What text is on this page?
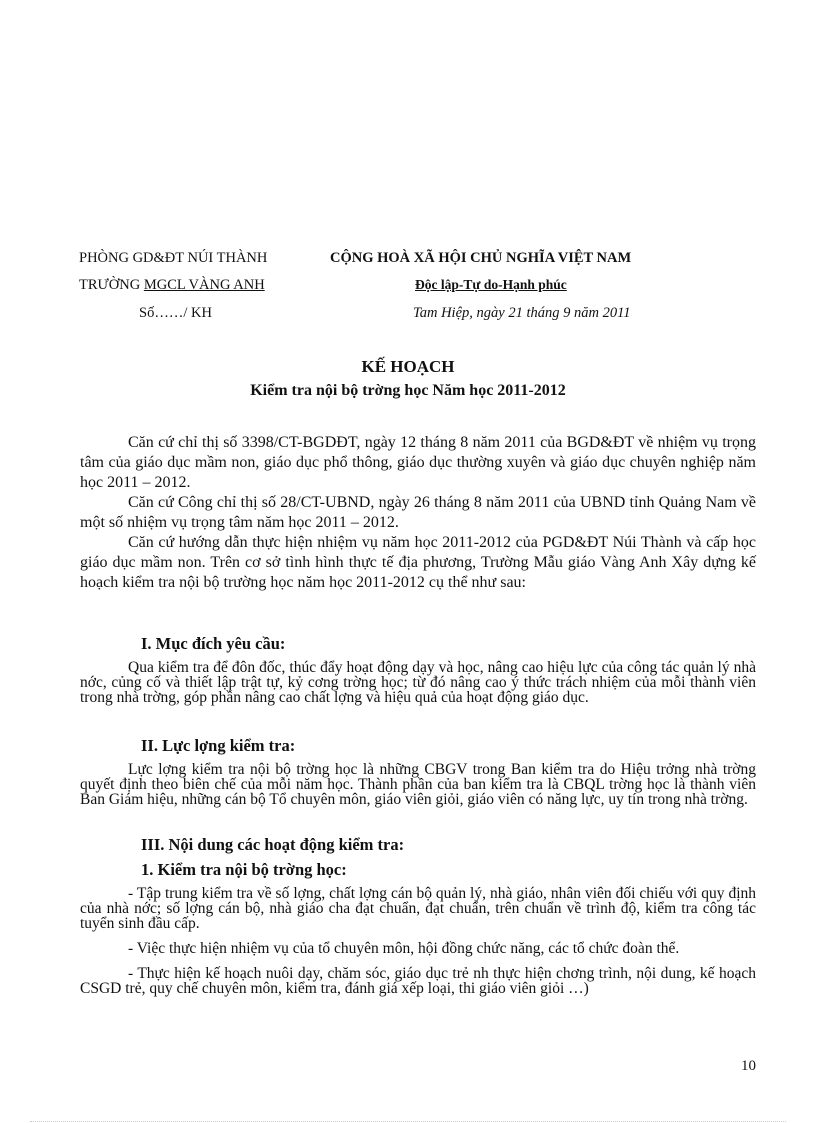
PHÒNG GD&ĐT NÚI THÀNH
TRƯỜNG MGCL VÀNG ANH
Số……/ KH
CỘNG HOÀ XÃ HỘI CHỦ NGHĨA VIỆT NAM
Độc lập-Tự do-Hạnh phúc
Tam Hiệp, ngày 21 tháng 9 năm 2011
KẾ HOẠCH
Kiểm tra nội bộ trờng học Năm học 2011-2012

Căn cứ chỉ thị số 3398/CT-BGDĐT, ngày 12 tháng 8 năm 2011 của BGD&ĐT về nhiệm vụ trọng tâm của giáo dục mầm non, giáo dục phổ thông, giáo dục thường xuyên và giáo dục chuyên nghiệp năm học 2011 – 2012.

Căn cứ Công chỉ thị số 28/CT-UBND, ngày 26 tháng 8 năm 2011 của UBND tỉnh Quảng Nam về một số nhiệm vụ trọng tâm năm học 2011 – 2012.

Căn cứ hướng dẫn thực hiện nhiệm vụ năm học 2011-2012 của PGD&ĐT Núi Thành và cấp học giáo dục mầm non. Trên cơ sở tình hình thực tế địa phương, Trường Mẫu giáo Vàng Anh Xây dựng kế hoạch kiểm tra nội bộ trường học năm học 2011-2012 cụ thể như sau:

I. Mục đích yêu cầu:

Qua kiểm tra để đôn đốc, thúc đẩy hoạt động dạy và học, nâng cao hiệu lực của công tác quản lý nhà nớc, củng cố và thiết lập trật tự, kỷ cơng trờng học; từ đó nâng cao ý thức trách nhiệm của mỗi thành viên trong nhà trờng, góp phần nâng cao chất lợng và hiệu quả của hoạt động giáo dục.

II. Lực lợng kiểm tra:

Lực lợng kiểm tra nội bộ trờng học là những CBGV trong Ban kiểm tra do Hiệu trởng nhà trờng quyết định theo biên chế của mỗi năm học. Thành phần của ban kiểm tra là CBQL trờng học là thành viên Ban Giám hiệu, những cán bộ Tổ chuyên môn, giáo viên giỏi, giáo viên có năng lực, uy tín trong nhà trờng.

III. Nội dung các hoạt động kiểm tra:
1. Kiểm tra nội bộ trờng học:

- Tập trung kiểm tra về số lợng, chất lợng cán bộ quản lý, nhà giáo, nhân viên đối chiếu với quy định của nhà nớc; số lợng cán bộ, nhà giáo cha đạt chuẩn, đạt chuẩn, trên chuẩn về trình độ, kiểm tra công tác tuyển sinh đầu cấp.

- Việc thực hiện nhiệm vụ của tổ chuyên môn, hội đồng chức năng, các tổ chức đoàn thể.

- Thực hiện kế hoạch nuôi dạy, chăm sóc, giáo dục trẻ nh thực hiện chơng trình, nội dung, kế hoạch CSGD trẻ, quy chế chuyên môn, kiểm tra, đánh giá xếp loại, thi giáo viên giỏi …)

10
